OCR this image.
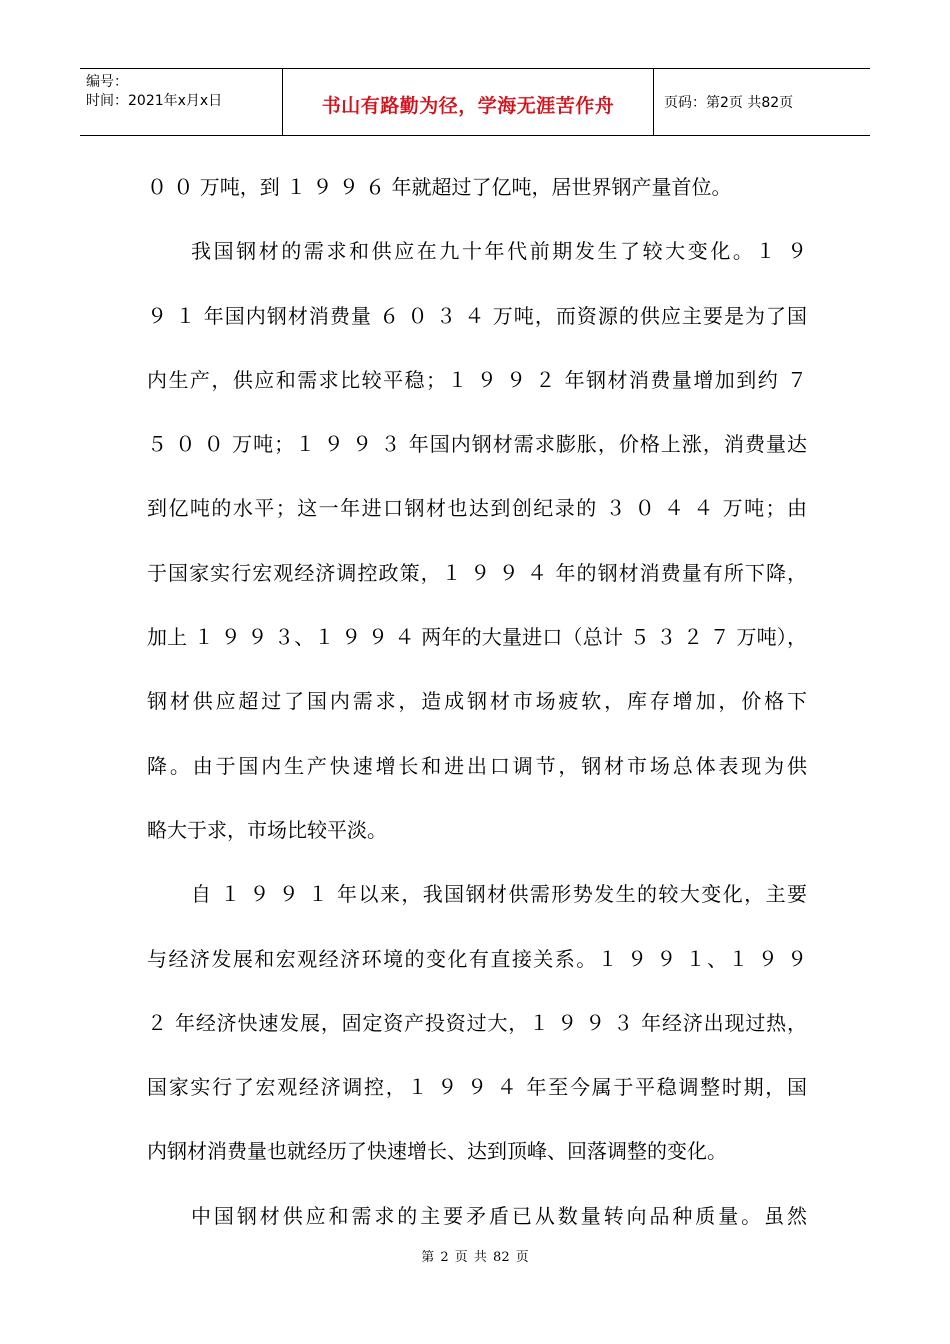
编号：
时间：2021年x月x日	书山有路勤为径，学海无涯苦作舟	页码：第2页 共82页
０ ０ 万吨，到 １ ９ ９ ６ 年就超过了亿吨，居世界钢产量首位。
我国钢材的需求和供应在九十年代前期发生了较大变化。１ ９
９ １ 年国内钢材消费量 ６ ０ ３ ４ 万吨，而资源的供应主要是为了国
内生产，供应和需求比较平稳；１ ９ ９ ２ 年钢材消费量增加到约 ７
５ ０ ０ 万吨；１ ９ ９ ３ 年国内钢材需求膨胀，价格上涨，消费量达
到亿吨的水平；这一年进口钢材也达到创纪录的 ３ ０ ４ ４ 万吨；由
于国家实行宏观经济调控政策，１ ９ ９ ４ 年的钢材消费量有所下降，
加上 １ ９ ９ ３、１ ９ ９ ４ 两年的大量进口（总计 ５ ３ ２ ７ 万吨），
钢材供应超过了国内需求，造成钢材市场疲软，库存增加，价格下
降。由于国内生产快速增长和进出口调节，钢材市场总体表现为供
略大于求，市场比较平淡。
自 １ ９ ９ １ 年以来，我国钢材供需形势发生的较大变化，主要
与经济发展和宏观经济环境的变化有直接关系。１ ９ ９ １、１ ９ ９
２ 年经济快速发展，固定资产投资过大，１ ９ ９ ３ 年经济出现过热，
国家实行了宏观经济调控，１ ９ ９ ４ 年至今属于平稳调整时期，国
内钢材消费量也就经历了快速增长、达到顶峰、回落调整的变化。
中国钢材供应和需求的主要矛盾已从数量转向品种质量。虽然
第 2 页 共 82 页
